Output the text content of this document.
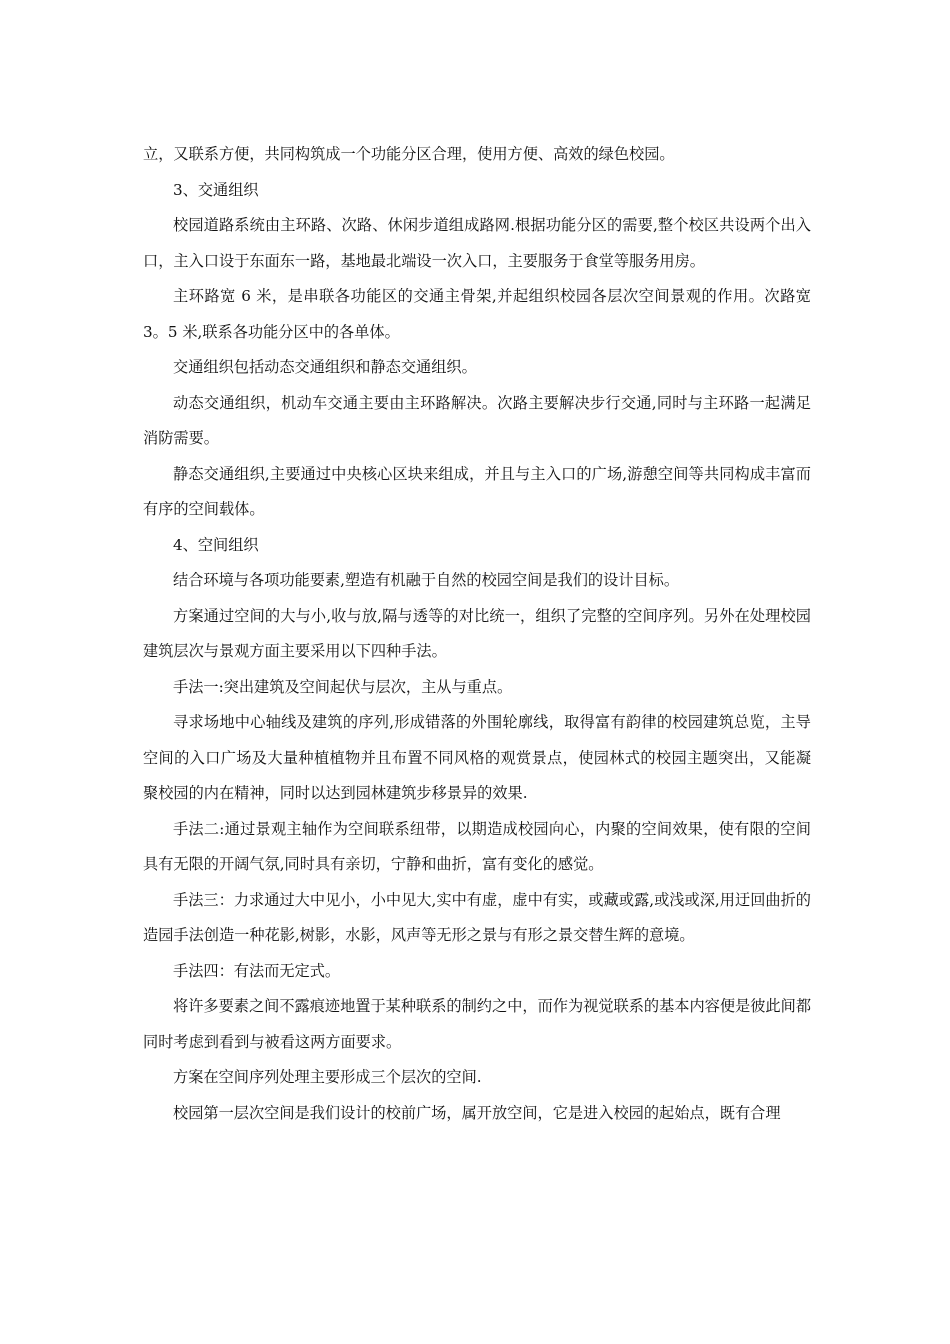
立，又联系方便，共同构筑成一个功能分区合理，使用方便、高效的绿色校园。

3、交通组织

校园道路系统由主环路、次路、休闲步道组成路网.根据功能分区的需要,整个校区共设两个出入口，主入口设于东面东一路，基地最北端设一次入口，主要服务于食堂等服务用房。

主环路宽 6 米，是串联各功能区的交通主骨架,并起组织校园各层次空间景观的作用。次路宽 3。5 米,联系各功能分区中的各单体。

交通组织包括动态交通组织和静态交通组织。

动态交通组织，机动车交通主要由主环路解决。次路主要解决步行交通,同时与主环路一起满足消防需要。

静态交通组织,主要通过中央核心区块来组成，并且与主入口的广场,游憩空间等共同构成丰富而有序的空间载体。

4、空间组织

结合环境与各项功能要素,塑造有机融于自然的校园空间是我们的设计目标。

方案通过空间的大与小,收与放,隔与透等的对比统一，组织了完整的空间序列。另外在处理校园建筑层次与景观方面主要采用以下四种手法。

手法一:突出建筑及空间起伏与层次，主从与重点。

寻求场地中心轴线及建筑的序列,形成错落的外围轮廓线，取得富有韵律的校园建筑总览，主导空间的入口广场及大量种植植物并且布置不同风格的观赏景点，使园林式的校园主题突出，又能凝聚校园的内在精神，同时以达到园林建筑步移景异的效果.

手法二:通过景观主轴作为空间联系纽带，以期造成校园向心，内聚的空间效果，使有限的空间具有无限的开阔气氛,同时具有亲切，宁静和曲折，富有变化的感觉。

手法三：力求通过大中见小，小中见大,实中有虚，虚中有实，或藏或露,或浅或深,用迂回曲折的造园手法创造一种花影,树影，水影，风声等无形之景与有形之景交替生辉的意境。

手法四：有法而无定式。

将许多要素之间不露痕迹地置于某种联系的制约之中，而作为视觉联系的基本内容便是彼此间都同时考虑到看到与被看这两方面要求。

方案在空间序列处理主要形成三个层次的空间.

校园第一层次空间是我们设计的校前广场，属开放空间，它是进入校园的起始点，既有合理
